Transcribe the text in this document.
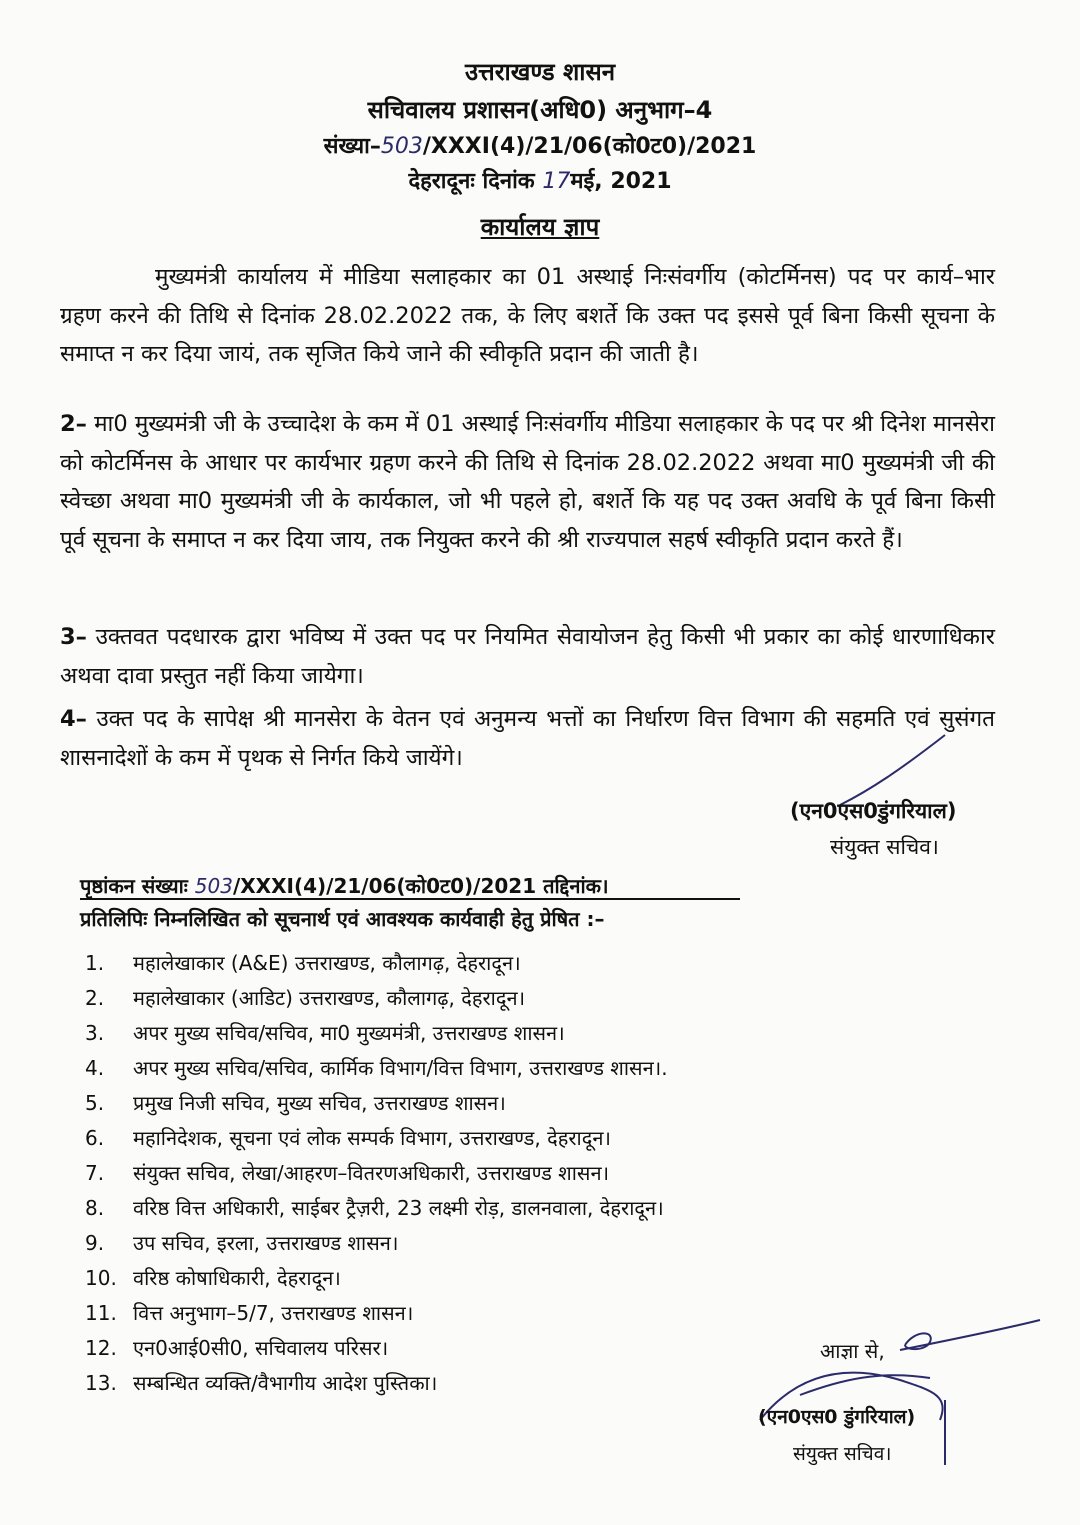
उत्तराखण्ड शासन
सचिवालय प्रशासन(अधि0) अनुभाग–4
संख्या–503/XXXI(4)/21/06(को0ट0)/2021
देहरादूनः दिनांक 17मई, 2021
कार्यालय ज्ञाप
मुख्यमंत्री कार्यालय में मीडिया सलाहकार का 01 अस्थाई निःसंवर्गीय (कोटर्मिनस) पद पर कार्य–भार ग्रहण करने की तिथि से दिनांक 28.02.2022 तक, के लिए बशर्ते कि उक्त पद इससे पूर्व बिना किसी सूचना के समाप्त न कर दिया जायं, तक सृजित किये जाने की स्वीकृति प्रदान की जाती है।
2– मा0 मुख्यमंत्री जी के उच्चादेश के कम में 01 अस्थाई निःसंवर्गीय मीडिया सलाहकार के पद पर श्री दिनेश मानसेरा को कोटर्मिनस के आधार पर कार्यभार ग्रहण करने की तिथि से दिनांक 28.02.2022 अथवा मा0 मुख्यमंत्री जी की स्वेच्छा अथवा मा0 मुख्यमंत्री जी के कार्यकाल, जो भी पहले हो, बशर्ते कि यह पद उक्त अवधि के पूर्व बिना किसी पूर्व सूचना के समाप्त न कर दिया जाय, तक नियुक्त करने की श्री राज्यपाल सहर्ष स्वीकृति प्रदान करते हैं।
3– उक्तवत पदधारक द्वारा भविष्य में उक्त पद पर नियमित सेवायोजन हेतु किसी भी प्रकार का कोई धारणाधिकार अथवा दावा प्रस्तुत नहीं किया जायेगा।
4– उक्त पद के सापेक्ष श्री मानसेरा के वेतन एवं अनुमन्य भत्तों का निर्धारण वित्त विभाग की सहमति एवं सुसंगत शासनादेशों के कम में पृथक से निर्गत किये जायेंगे।
(एन0एस0डुंगरियाल)
संयुक्त सचिव।
पृष्ठांकन संख्याः 503/XXXI(4)/21/06(को0ट0)/2021 तद्दिनांक।
प्रतिलिपिः निम्नलिखित को सूचनार्थ एवं आवश्यक कार्यवाही हेतु प्रेषित :–
1.	महालेखाकार (A&E) उत्तराखण्ड, कौलागढ़, देहरादून।
2.	महालेखाकार (आडिट) उत्तराखण्ड, कौलागढ़, देहरादून।
3.	अपर मुख्य सचिव/सचिव, मा0 मुख्यमंत्री, उत्तराखण्ड शासन।
4.	अपर मुख्य सचिव/सचिव, कार्मिक विभाग/वित्त विभाग, उत्तराखण्ड शासन।.
5.	प्रमुख निजी सचिव, मुख्य सचिव, उत्तराखण्ड शासन।
6.	महानिदेशक, सूचना एवं लोक सम्पर्क विभाग, उत्तराखण्ड, देहरादून।
7.	संयुक्त सचिव, लेखा/आहरण–वितरणअधिकारी, उत्तराखण्ड शासन।
8.	वरिष्ठ वित्त अधिकारी, साईबर ट्रैज़री, 23 लक्ष्मी रोड़, डालनवाला, देहरादून।
9.	उप सचिव, इरला, उत्तराखण्ड शासन।
10. वरिष्ठ कोषाधिकारी, देहरादून।
11. वित्त अनुभाग–5/7, उत्तराखण्ड शासन।
12. एन0आई0सी0, सचिवालय परिसर।
13. सम्बन्धित व्यक्ति/वैभागीय आदेश पुस्तिका।
आज्ञा से,
(एन0एस0 डुंगरियाल)
संयुक्त सचिव।
